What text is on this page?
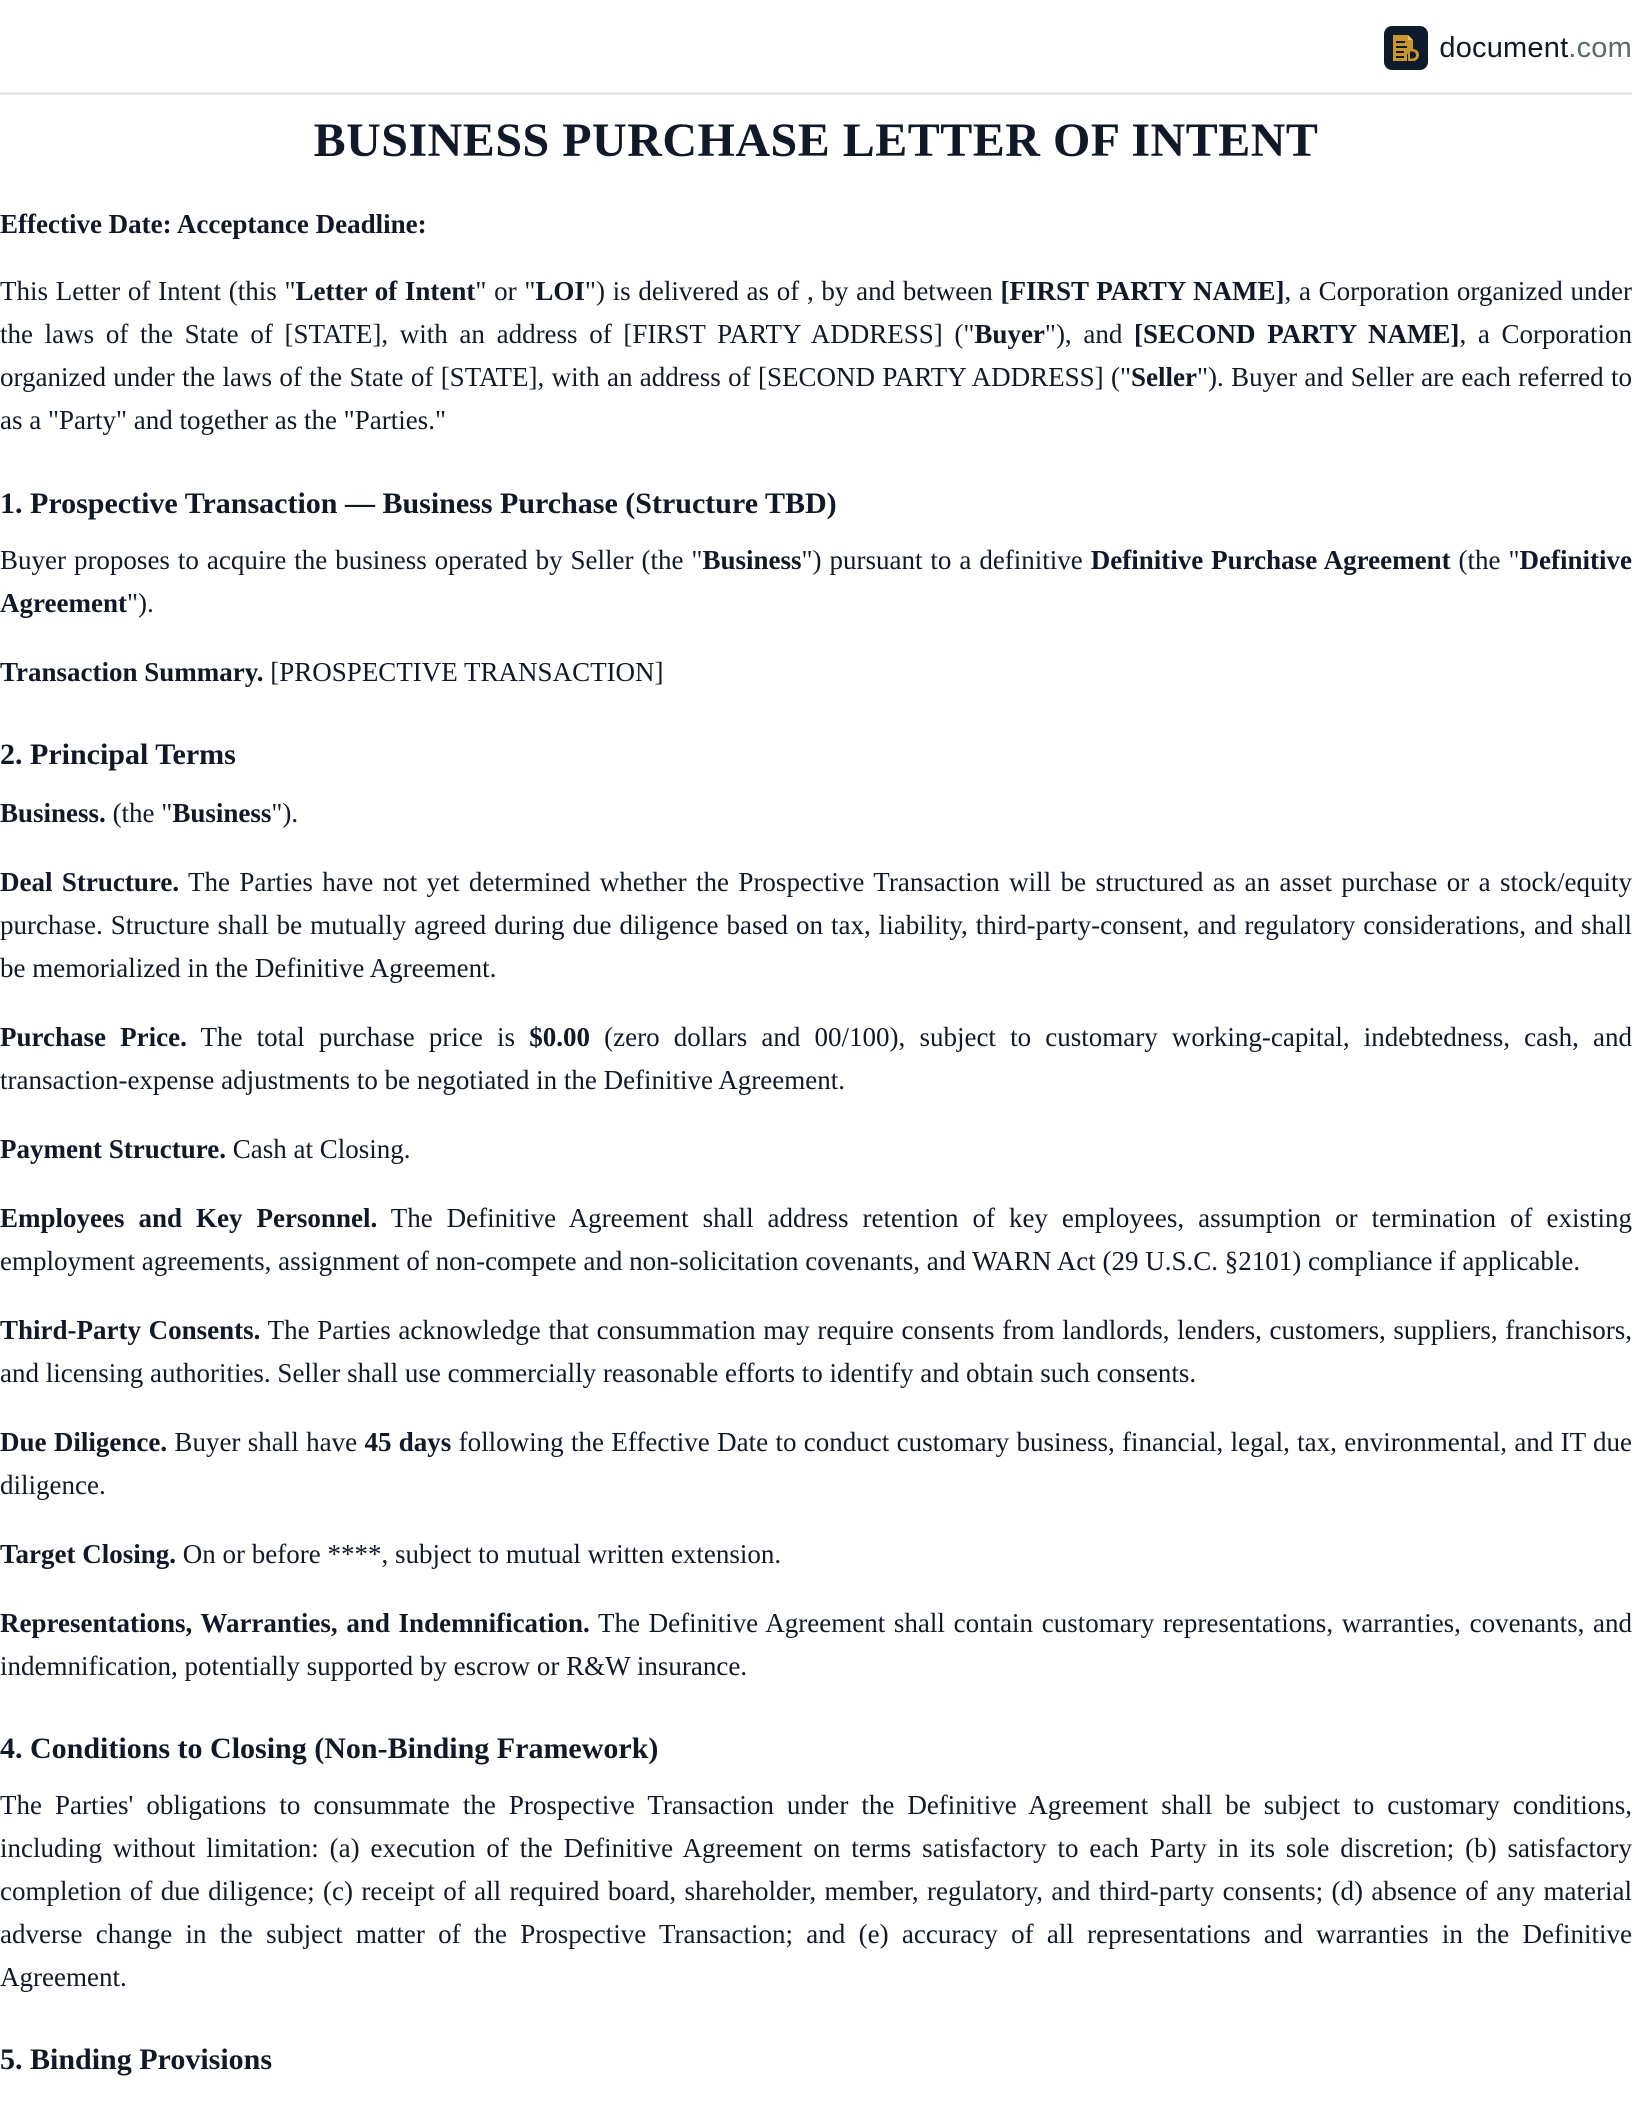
document.com
BUSINESS PURCHASE LETTER OF INTENT

Effective Date: Acceptance Deadline:

This Letter of Intent (this "Letter of Intent" or "LOI") is delivered as of , by and between [FIRST PARTY NAME], a Corporation organized under the laws of the State of [STATE], with an address of [FIRST PARTY ADDRESS] ("Buyer"), and [SECOND PARTY NAME], a Corporation organized under the laws of the State of [STATE], with an address of [SECOND PARTY ADDRESS] ("Seller"). Buyer and Seller are each referred to as a "Party" and together as the "Parties."

1. Prospective Transaction — Business Purchase (Structure TBD)

Buyer proposes to acquire the business operated by Seller (the "Business") pursuant to a definitive Definitive Purchase Agreement (the "Definitive Agreement").

Transaction Summary. [PROSPECTIVE TRANSACTION]

2. Principal Terms

Business. (the "Business").

Deal Structure. The Parties have not yet determined whether the Prospective Transaction will be structured as an asset purchase or a stock/equity purchase. Structure shall be mutually agreed during due diligence based on tax, liability, third-party-consent, and regulatory considerations, and shall be memorialized in the Definitive Agreement.

Purchase Price. The total purchase price is $0.00 (zero dollars and 00/100), subject to customary working-capital, indebtedness, cash, and transaction-expense adjustments to be negotiated in the Definitive Agreement.

Payment Structure. Cash at Closing.

Employees and Key Personnel. The Definitive Agreement shall address retention of key employees, assumption or termination of existing employment agreements, assignment of non-compete and non-solicitation covenants, and WARN Act (29 U.S.C. §2101) compliance if applicable.

Third-Party Consents. The Parties acknowledge that consummation may require consents from landlords, lenders, customers, suppliers, franchisors, and licensing authorities. Seller shall use commercially reasonable efforts to identify and obtain such consents.

Due Diligence. Buyer shall have 45 days following the Effective Date to conduct customary business, financial, legal, tax, environmental, and IT due diligence.

Target Closing. On or before ****, subject to mutual written extension.

Representations, Warranties, and Indemnification. The Definitive Agreement shall contain customary representations, warranties, covenants, and indemnification, potentially supported by escrow or R&W insurance.

4. Conditions to Closing (Non-Binding Framework)

The Parties' obligations to consummate the Prospective Transaction under the Definitive Agreement shall be subject to customary conditions, including without limitation: (a) execution of the Definitive Agreement on terms satisfactory to each Party in its sole discretion; (b) satisfactory completion of due diligence; (c) receipt of all required board, shareholder, member, regulatory, and third-party consents; (d) absence of any material adverse change in the subject matter of the Prospective Transaction; and (e) accuracy of all representations and warranties in the Definitive Agreement.

5. Binding Provisions
